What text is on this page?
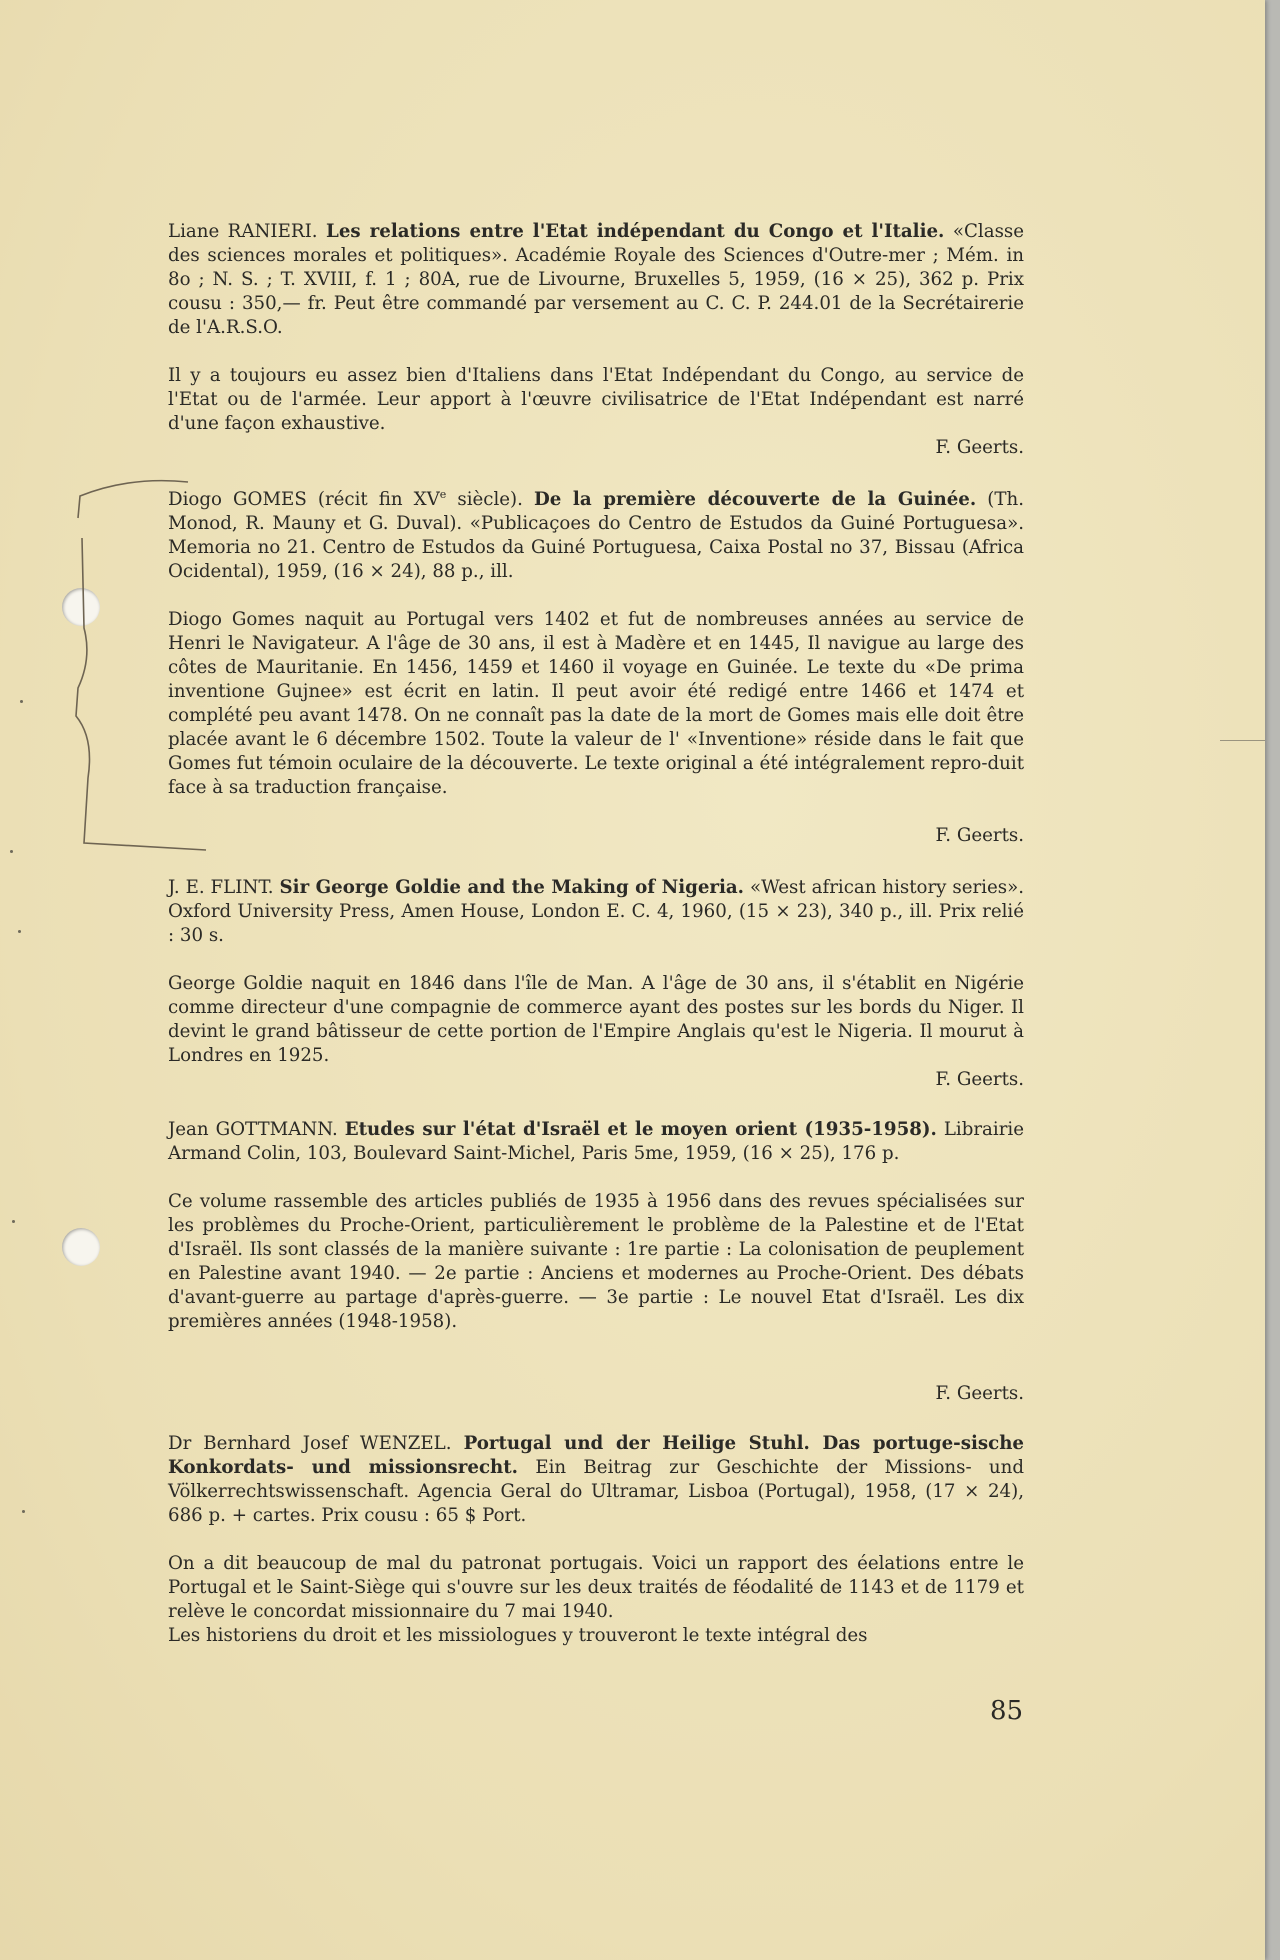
Liane RANIERI. Les relations entre l'Etat indépendant du Congo et l'Italie. «Classe des sciences morales et politiques». Académie Royale des Sciences d'Outre-mer ; Mém. in 8o ; N. S. ; T. XVIII, f. 1 ; 80A, rue de Livourne, Bruxelles 5, 1959, (16 × 25), 362 p. Prix cousu : 350,— fr. Peut être commandé par versement au C. C. P. 244.01 de la Secrétairerie de l'A.R.S.O.

Il y a toujours eu assez bien d'Italiens dans l'Etat Indépendant du Congo, au service de l'Etat ou de l'armée. Leur apport à l'œuvre civilisatrice de l'Etat Indépendant est narré d'une façon exhaustive.

F. Geerts.

Diogo GOMES (récit fin XVe siècle). De la première découverte de la Guinée. (Th. Monod, R. Mauny et G. Duval). «Publicaçoes do Centro de Estudos da Guiné Portuguesa». Memoria no 21. Centro de Estudos da Guiné Portuguesa, Caixa Postal no 37, Bissau (Africa Ocidental), 1959, (16 × 24), 88 p., ill.

Diogo Gomes naquit au Portugal vers 1402 et fut de nombreuses années au service de Henri le Navigateur. A l'âge de 30 ans, il est à Madère et en 1445, Il navigue au large des côtes de Mauritanie. En 1456, 1459 et 1460 il voyage en Guinée. Le texte du «De prima inventione Gujnee» est écrit en latin. Il peut avoir été redigé entre 1466 et 1474 et complété peu avant 1478. On ne connaît pas la date de la mort de Gomes mais elle doit être placée avant le 6 décembre 1502. Toute la valeur de l' «Inventione» réside dans le fait que Gomes fut témoin oculaire de la découverte. Le texte original a été intégralement repro-duit face à sa traduction française.

F. Geerts.

J. E. FLINT. Sir George Goldie and the Making of Nigeria. «West african history series». Oxford University Press, Amen House, London E. C. 4, 1960, (15 × 23), 340 p., ill. Prix relié : 30 s.

George Goldie naquit en 1846 dans l'île de Man. A l'âge de 30 ans, il s'établit en Nigérie comme directeur d'une compagnie de commerce ayant des postes sur les bords du Niger. Il devint le grand bâtisseur de cette portion de l'Empire Anglais qu'est le Nigeria. Il mourut à Londres en 1925.

F. Geerts.

Jean GOTTMANN. Etudes sur l'état d'Israël et le moyen orient (1935-1958). Librairie Armand Colin, 103, Boulevard Saint-Michel, Paris 5me, 1959, (16 × 25), 176 p.

Ce volume rassemble des articles publiés de 1935 à 1956 dans des revues spécialisées sur les problèmes du Proche-Orient, particulièrement le problème de la Palestine et de l'Etat d'Israël. Ils sont classés de la manière suivante : 1re partie : La colonisation de peuplement en Palestine avant 1940. — 2e partie : Anciens et modernes au Proche-Orient. Des débats d'avant-guerre au partage d'après-guerre. — 3e partie : Le nouvel Etat d'Israël. Les dix premières années (1948-1958).

F. Geerts.

Dr Bernhard Josef WENZEL. Portugal und der Heilige Stuhl. Das portuge-sische Konkordats- und missionsrecht. Ein Beitrag zur Geschichte der Missions- und Völkerrechtswissenschaft. Agencia Geral do Ultramar, Lisboa (Portugal), 1958, (17 × 24), 686 p. + cartes. Prix cousu : 65 $ Port.

On a dit beaucoup de mal du patronat portugais. Voici un rapport des éelations entre le Portugal et le Saint-Siège qui s'ouvre sur les deux traités de féodalité de 1143 et de 1179 et relève le concordat missionnaire du 7 mai 1940.

Les historiens du droit et les missiologues y trouveront le texte intégral des

85
